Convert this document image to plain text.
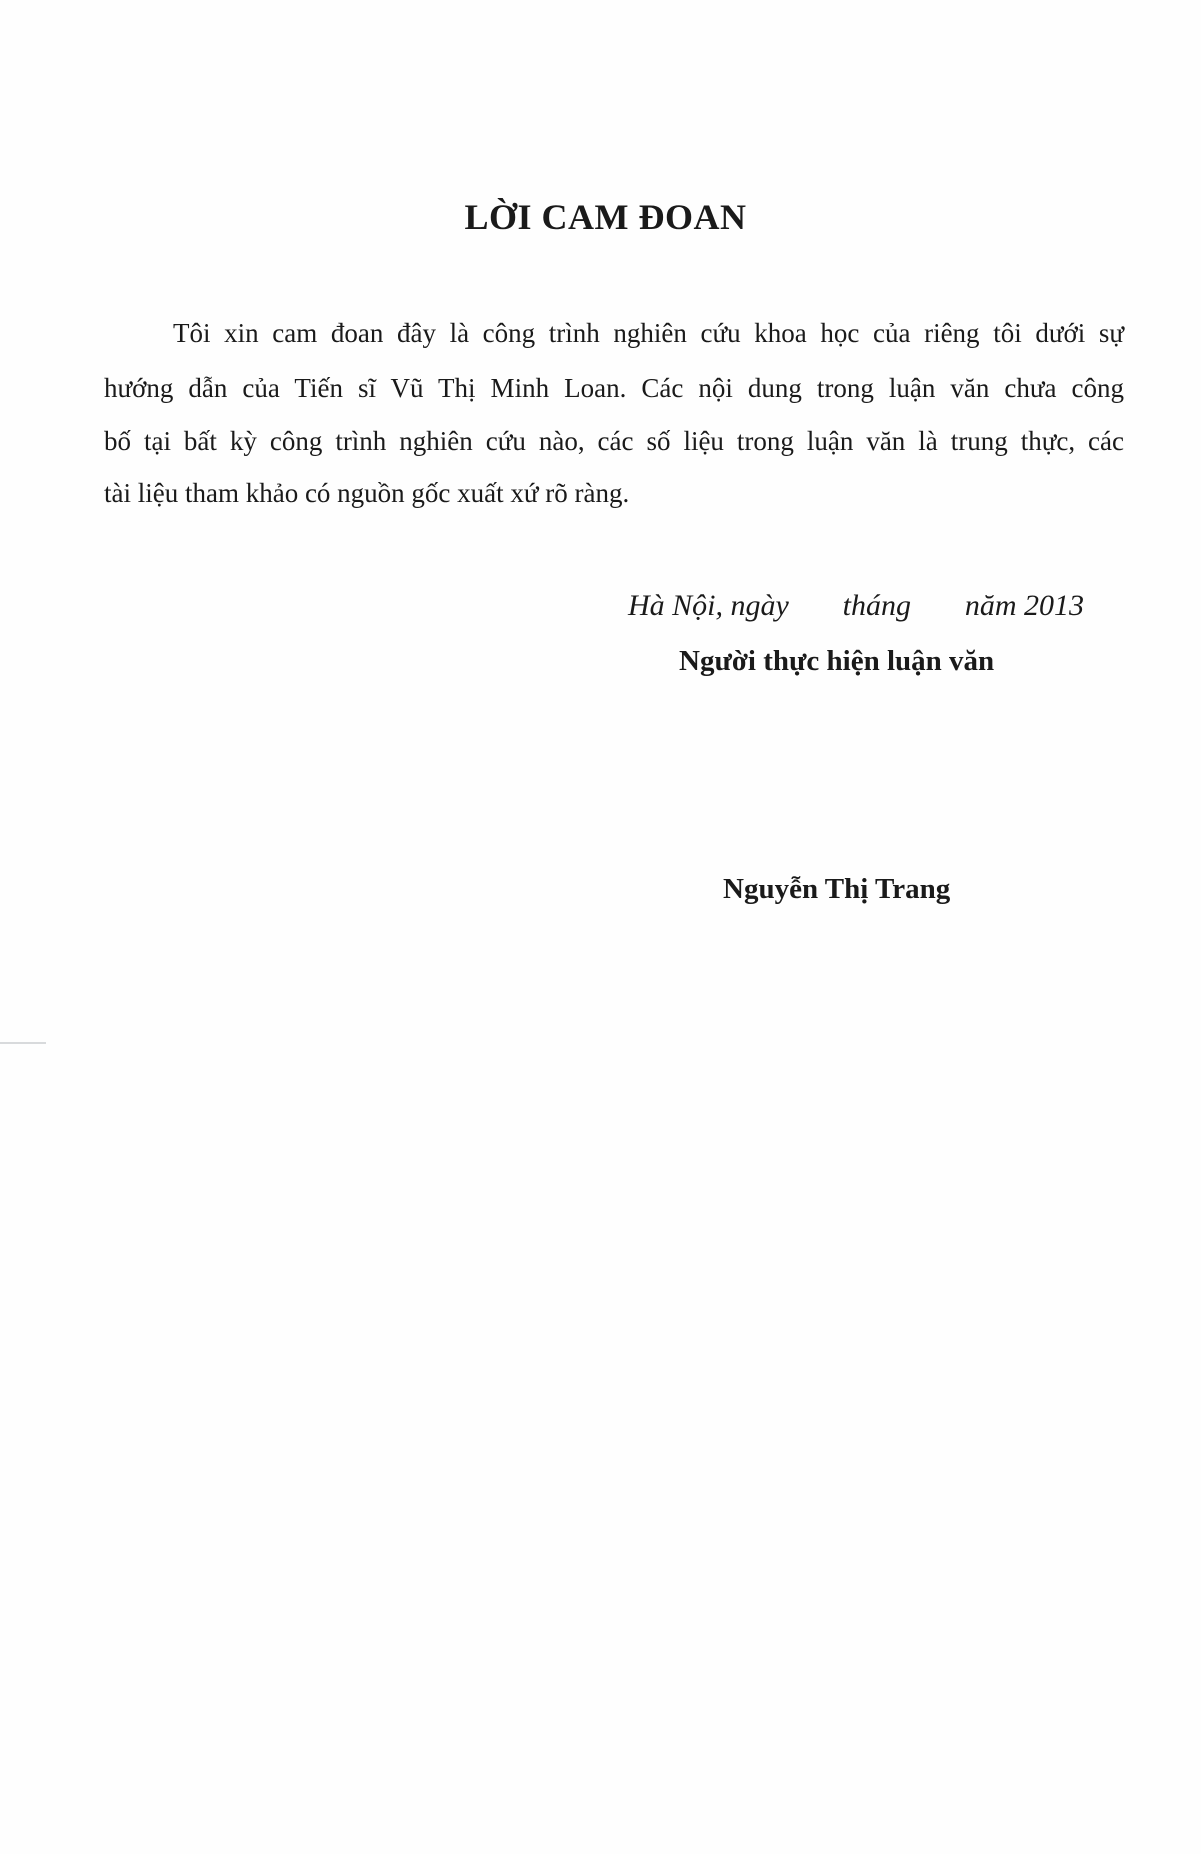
LỜI CAM ĐOAN
Tôi xin cam đoan đây là công trình nghiên cứu khoa học của riêng tôi dưới sự
hướng dẫn của Tiến sĩ Vũ Thị Minh Loan. Các nội dung trong luận văn chưa công
bố tại bất kỳ công trình nghiên cứu nào, các số liệu trong luận văn là trung thực, các
tài liệu tham khảo có nguồn gốc xuất xứ rõ ràng.
Hà Nội, ngày tháng năm 2013
Người thực hiện luận văn
Nguyễn Thị Trang
